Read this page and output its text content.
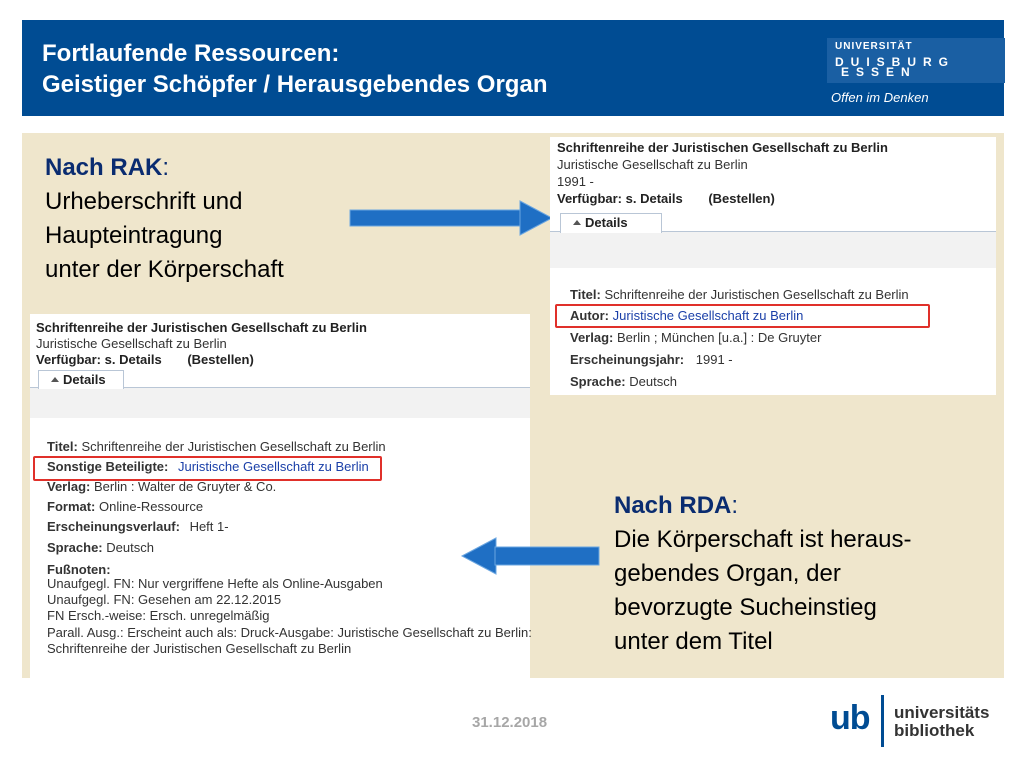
Fortlaufende Ressourcen:
Geistiger Schöpfer / Herausgebendes Organ
UNIVERSITÄT
DUISBURG
ESSEN
Offen im Denken
Nach RAK:
Urheberschrift und
Haupteintragung
unter der Körperschaft
Schriftenreihe der Juristischen Gesellschaft zu Berlin
Juristische Gesellschaft zu Berlin
1991 -
Verfügbar: s. Details (Bestellen)
Details
Titel: Schriftenreihe der Juristischen Gesellschaft zu Berlin
Autor: Juristische Gesellschaft zu Berlin
Verlag: Berlin ; München [u.a.] : De Gruyter
Erscheinungsjahr: 1991 -
Sprache: Deutsch
Schriftenreihe der Juristischen Gesellschaft zu Berlin
Juristische Gesellschaft zu Berlin
Verfügbar: s. Details (Bestellen)
Details
Titel: Schriftenreihe der Juristischen Gesellschaft zu Berlin
Sonstige Beteiligte: Juristische Gesellschaft zu Berlin
Verlag: Berlin : Walter de Gruyter & Co.
Format: Online-Ressource
Erscheinungsverlauf: Heft 1-
Sprache: Deutsch
Fußnoten:
Unaufgegl. FN: Nur vergriffene Hefte als Online-Ausgaben
Unaufgegl. FN: Gesehen am 22.12.2015
FN Ersch.-weise: Ersch. unregelmäßig
Parall. Ausg.: Erscheint auch als: Druck-Ausgabe: Juristische Gesellschaft zu Berlin:
Schriftenreihe der Juristischen Gesellschaft zu Berlin
Nach RDA:
Die Körperschaft ist heraus-
gebendes Organ, der
bevorzugte Sucheinstieg
unter dem Titel
31.12.2018	ub universitäts
bibliothek
